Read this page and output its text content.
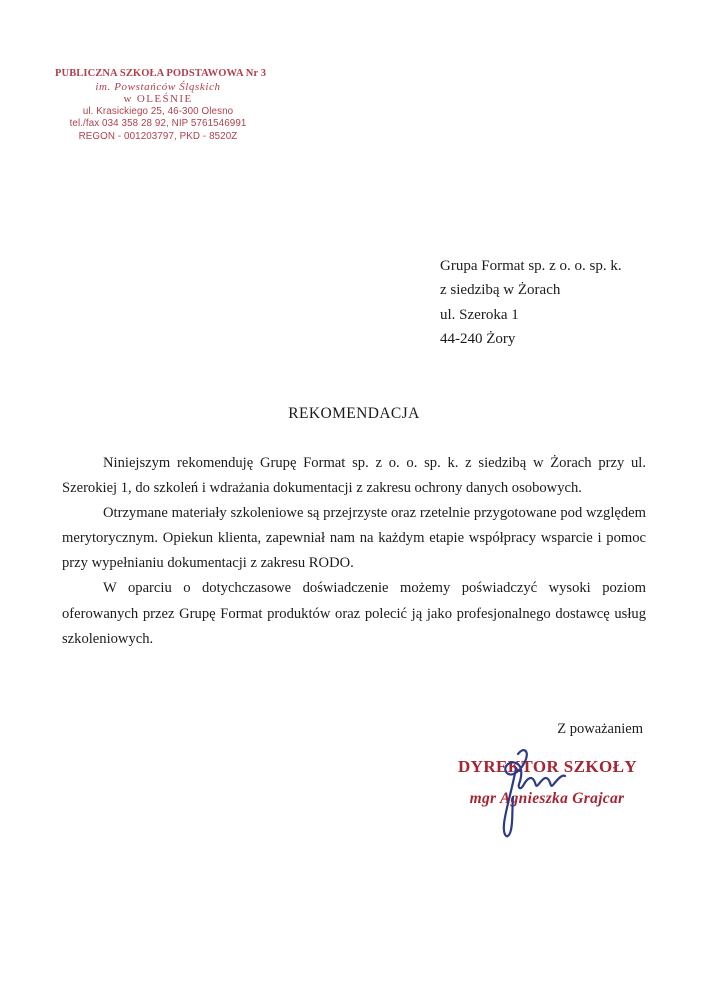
PUBLICZNA SZKOŁA PODSTAWOWA Nr 3
im. Powstańców Śląskich
w OLEŚNIE
ul. Krasickiego 25, 46-300 Olesno
tel./fax 034 358 28 92, NIP 5761546991
REGON - 001203797, PKD - 8520Z
Grupa Format sp. z o. o. sp. k.
z siedzibą w Żorach
ul. Szeroka 1
44-240 Żory
REKOMENDACJA

Niniejszym rekomenduję Grupę Format sp. z o. o. sp. k. z siedzibą w Żorach przy ul. Szerokiej 1, do szkoleń i wdrażania dokumentacji z zakresu ochrony danych osobowych.

Otrzymane materiały szkoleniowe są przejrzyste oraz rzetelnie przygotowane pod względem merytorycznym. Opiekun klienta, zapewniał nam na każdym etapie współpracy wsparcie i pomoc przy wypełnianiu dokumentacji z zakresu RODO.

W oparciu o dotychczasowe doświadczenie możemy poświadczyć wysoki poziom oferowanych przez Grupę Format produktów oraz polecić ją jako profesjonalnego dostawcę usług szkoleniowych.

Z poważaniem
DYREKTOR SZKOŁY
mgr Agnieszka Grajcar
